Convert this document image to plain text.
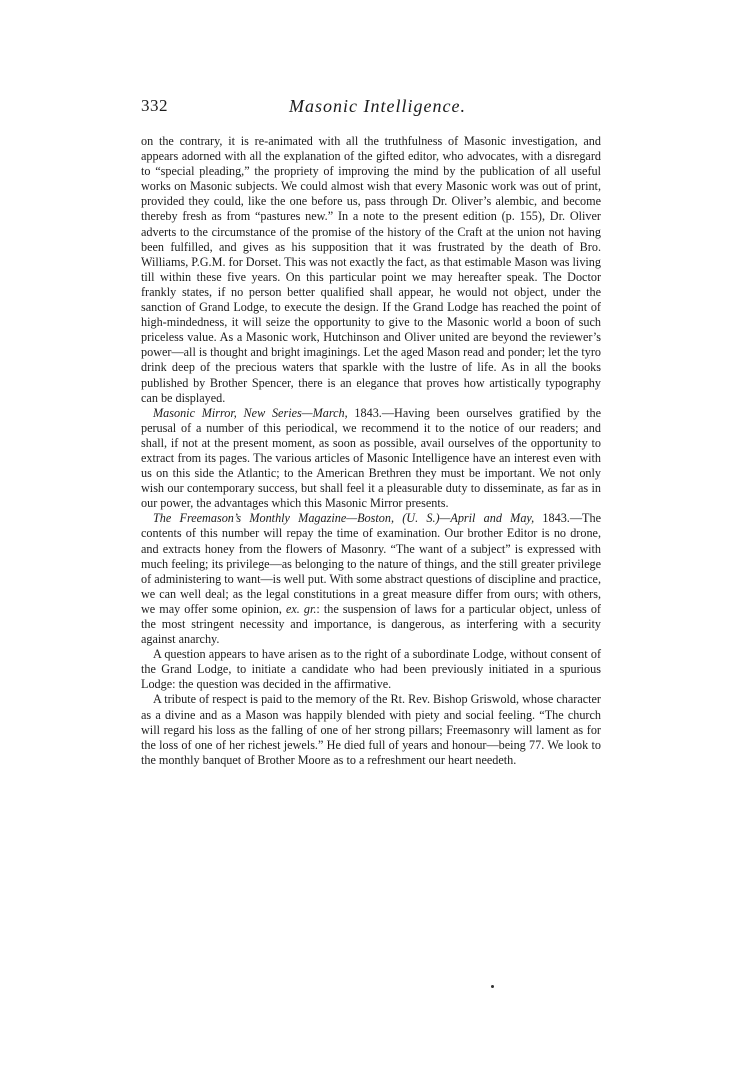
332	Masonic Intelligence.

on the contrary, it is re-animated with all the truthfulness of Masonic investigation, and appears adorned with all the explanation of the gifted editor, who advocates, with a disregard to “special pleading,” the propriety of improving the mind by the publication of all useful works on Masonic subjects. We could almost wish that every Masonic work was out of print, provided they could, like the one before us, pass through Dr. Oliver’s alembic, and become thereby fresh as from “pastures new.” In a note to the present edition (p. 155), Dr. Oliver adverts to the circumstance of the promise of the history of the Craft at the union not having been fulfilled, and gives as his supposition that it was frustrated by the death of Bro. Williams, P.G.M. for Dorset. This was not exactly the fact, as that estimable Mason was living till within these five years. On this particular point we may hereafter speak. The Doctor frankly states, if no person better qualified shall appear, he would not object, under the sanction of Grand Lodge, to execute the design. If the Grand Lodge has reached the point of high-mindedness, it will seize the opportunity to give to the Masonic world a boon of such priceless value. As a Masonic work, Hutchinson and Oliver united are beyond the reviewer’s power—all is thought and bright imaginings. Let the aged Mason read and ponder; let the tyro drink deep of the precious waters that sparkle with the lustre of life. As in all the books published by Brother Spencer, there is an elegance that proves how artistically typography can be displayed.

Masonic Mirror, New Series—March, 1843.—Having been ourselves gratified by the perusal of a number of this periodical, we recommend it to the notice of our readers; and shall, if not at the present moment, as soon as possible, avail ourselves of the opportunity to extract from its pages. The various articles of Masonic Intelligence have an interest even with us on this side the Atlantic; to the American Brethren they must be important. We not only wish our contemporary success, but shall feel it a pleasurable duty to disseminate, as far as in our power, the advantages which this Masonic Mirror presents.

The Freemason’s Monthly Magazine—Boston, (U. S.)—April and May, 1843.—The contents of this number will repay the time of examination. Our brother Editor is no drone, and extracts honey from the flowers of Masonry. “The want of a subject” is expressed with much feeling; its privilege—as belonging to the nature of things, and the still greater privilege of administering to want—is well put. With some abstract questions of discipline and practice, we can well deal; as the legal constitutions in a great measure differ from ours; with others, we may offer some opinion, ex. gr.: the suspension of laws for a particular object, unless of the most stringent necessity and importance, is dangerous, as interfering with a security against anarchy.

A question appears to have arisen as to the right of a subordinate Lodge, without consent of the Grand Lodge, to initiate a candidate who had been previously initiated in a spurious Lodge: the question was decided in the affirmative.

A tribute of respect is paid to the memory of the Rt. Rev. Bishop Griswold, whose character as a divine and as a Mason was happily blended with piety and social feeling. “The church will regard his loss as the falling of one of her strong pillars; Freemasonry will lament as for the loss of one of her richest jewels.” He died full of years and honour—being 77. We look to the monthly banquet of Brother Moore as to a refreshment our heart needeth.
